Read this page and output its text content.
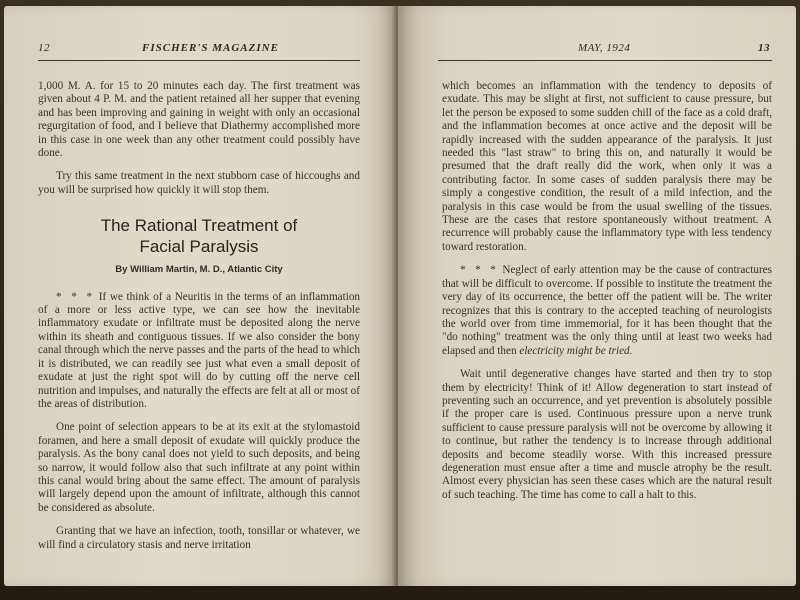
12	FISCHER'S MAGAZINE

1,000 M. A. for 15 to 20 minutes each day. The first treatment was given about 4 P. M. and the patient retained all her supper that evening and has been improving and gaining in weight with only an occasional regurgitation of food, and I believe that Diathermy accomplished more in this case in one week than any other treatment could possibly have done.

Try this same treatment in the next stubborn case of hiccoughs and you will be surprised how quickly it will stop them.

The Rational Treatment of
Facial Paralysis
By William Martin, M. D., Atlantic City

* * * If we think of a Neuritis in the terms of an inflammation of a more or less active type, we can see how the inevitable inflammatory exudate or infiltrate must be deposited along the nerve within its sheath and contiguous tissues. If we also consider the bony canal through which the nerve passes and the parts of the head to which it is distributed, we can readily see just what even a small deposit of exudate at just the right spot will do by cutting off the nerve cell nutrition and impulses, and naturally the effects are felt at all or most of the areas of distribution.

One point of selection appears to be at its exit at the stylomastoid foramen, and here a small deposit of exudate will quickly produce the paralysis. As the bony canal does not yield to such deposits, and being so narrow, it would follow also that such infiltrate at any point within this canal would bring about the same effect. The amount of paralysis will largely depend upon the amount of infiltrate, although this cannot be considered as absolute.

Granting that we have an infection, tooth, tonsillar or whatever, we will find a circulatory stasis and nerve irritation

MAY, 1924	13

which becomes an inflammation with the tendency to deposits of exudate. This may be slight at first, not sufficient to cause pressure, but let the person be exposed to some sudden chill of the face as a cold draft, and the inflammation becomes at once active and the deposit will be rapidly increased with the sudden appearance of the paralysis. It just needed this "last straw" to bring this on, and naturally it would be presumed that the draft really did the work, when only it was a contributing factor. In some cases of sudden paralysis there may be simply a congestive condition, the result of a mild infection, and the paralysis in this case would be from the usual swelling of the tissues. These are the cases that restore spontaneously without treatment. A recurrence will probably cause the inflammatory type with less tendency toward restoration.

* * * Neglect of early attention may be the cause of contractures that will be difficult to overcome. If possible to institute the treatment the very day of its occurrence, the better off the patient will be. The writer recognizes that this is contrary to the accepted teaching of neurologists the world over from time immemorial, for it has been thought that the "do nothing" treatment was the only thing until at least two weeks had elapsed and then electricity might be tried.

Wait until degenerative changes have started and then try to stop them by electricity! Think of it! Allow degeneration to start instead of preventing such an occurrence, and yet prevention is absolutely possible if the proper care is used. Continuous pressure upon a nerve trunk sufficient to cause pressure paralysis will not be overcome by allowing it to continue, but rather the tendency is to increase through additional deposits and become steadily worse. With this increased pressure degeneration must ensue after a time and muscle atrophy be the result. Almost every physician has seen these cases which are the natural result of such teaching. The time has come to call a halt to this.
